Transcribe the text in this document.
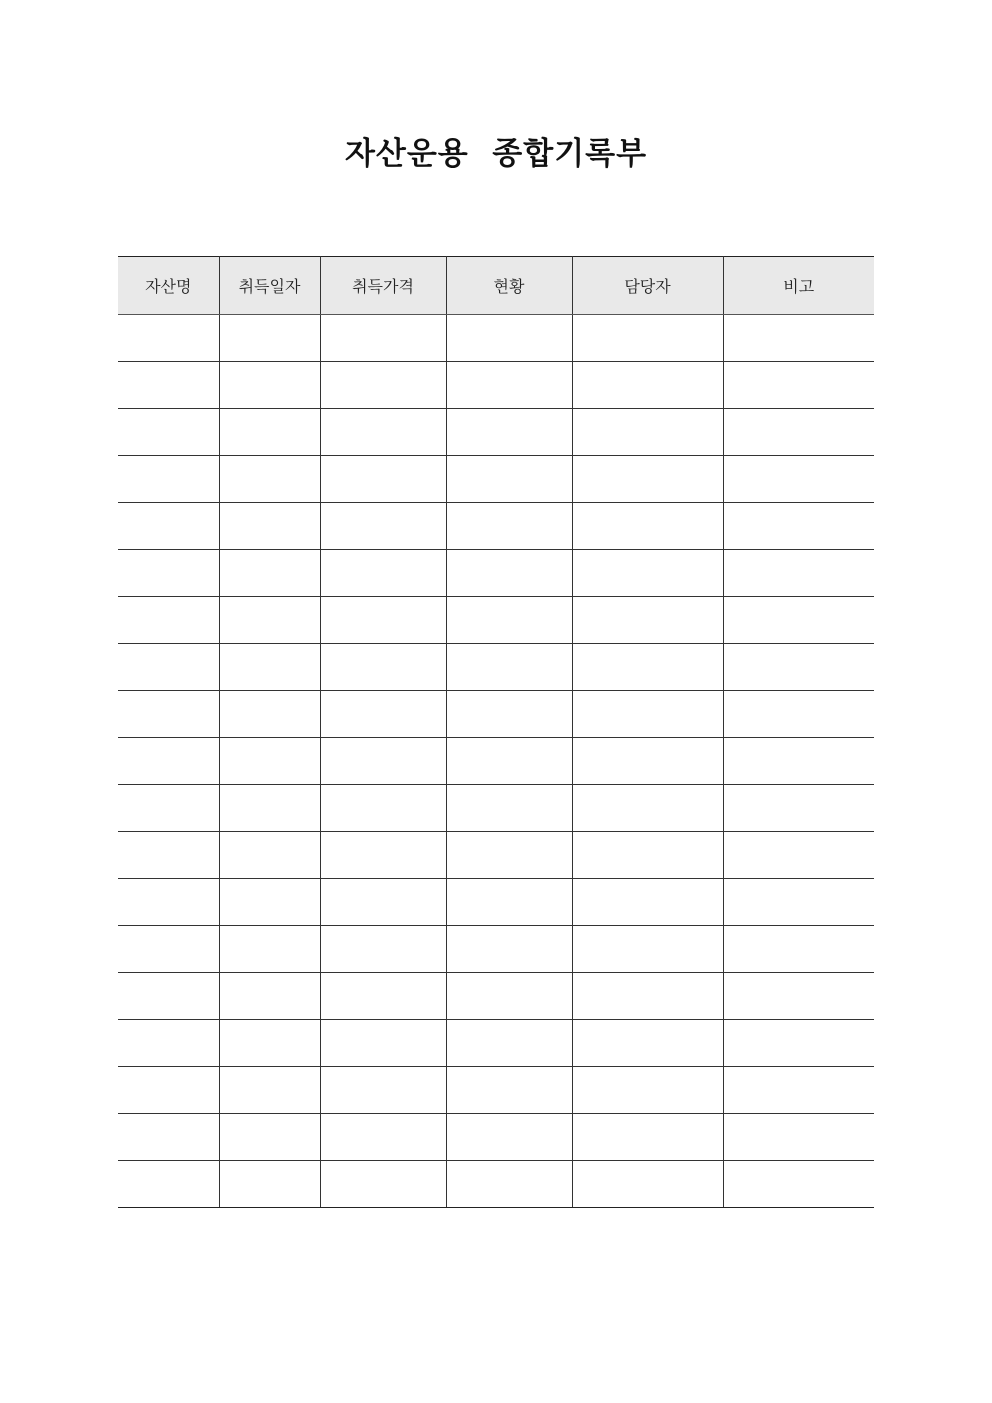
자산운용  종합기록부
자산명	취득일자	취득가격	현황	담당자	비고
